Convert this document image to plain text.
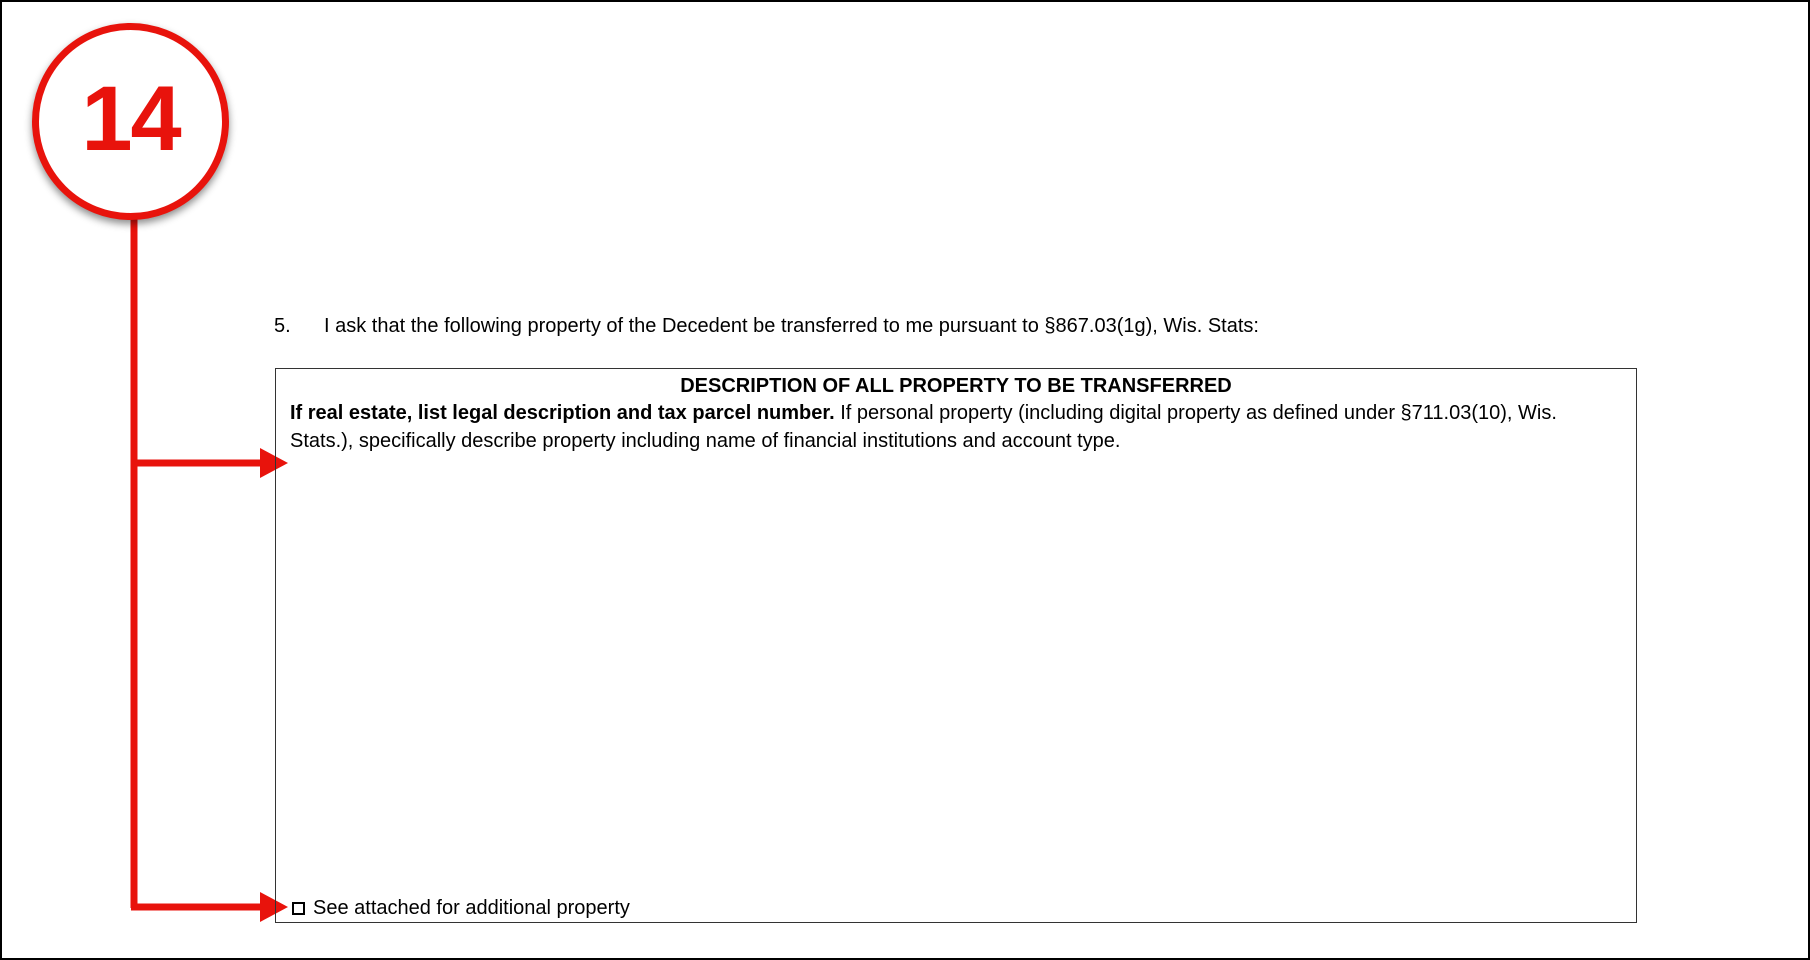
14
5. I ask that the following property of the Decedent be transferred to me pursuant to §867.03(1g), Wis. Stats:
DESCRIPTION OF ALL PROPERTY TO BE TRANSFERRED
If real estate, list legal description and tax parcel number. If personal property (including digital property as defined under §711.03(10), Wis. Stats.), specifically describe property including name of financial institutions and account type.
See attached for additional property
